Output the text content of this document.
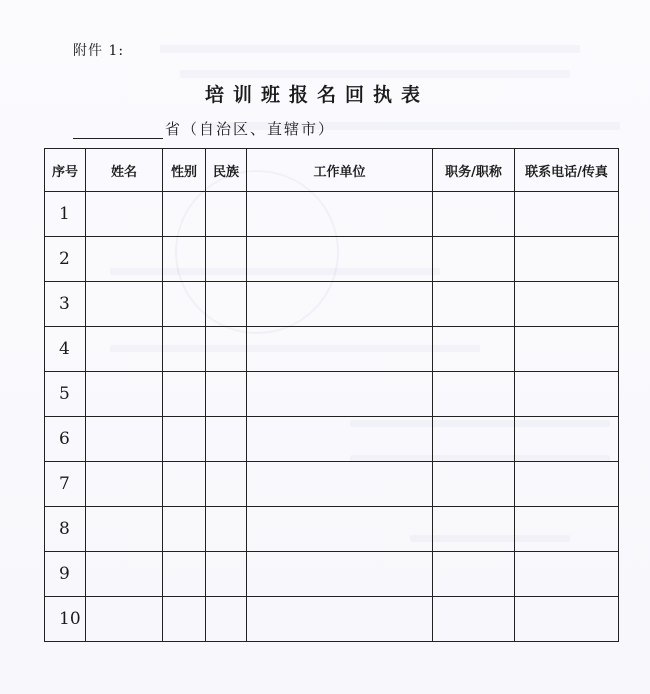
附件 1:
培训班报名回执表
省（自治区、直辖市）
序号	姓名	性别	民族	工作单位	职务/职称	联系电话/传真
1						
2						
3						
4						
5						
6						
7						
8						
9						
10						
